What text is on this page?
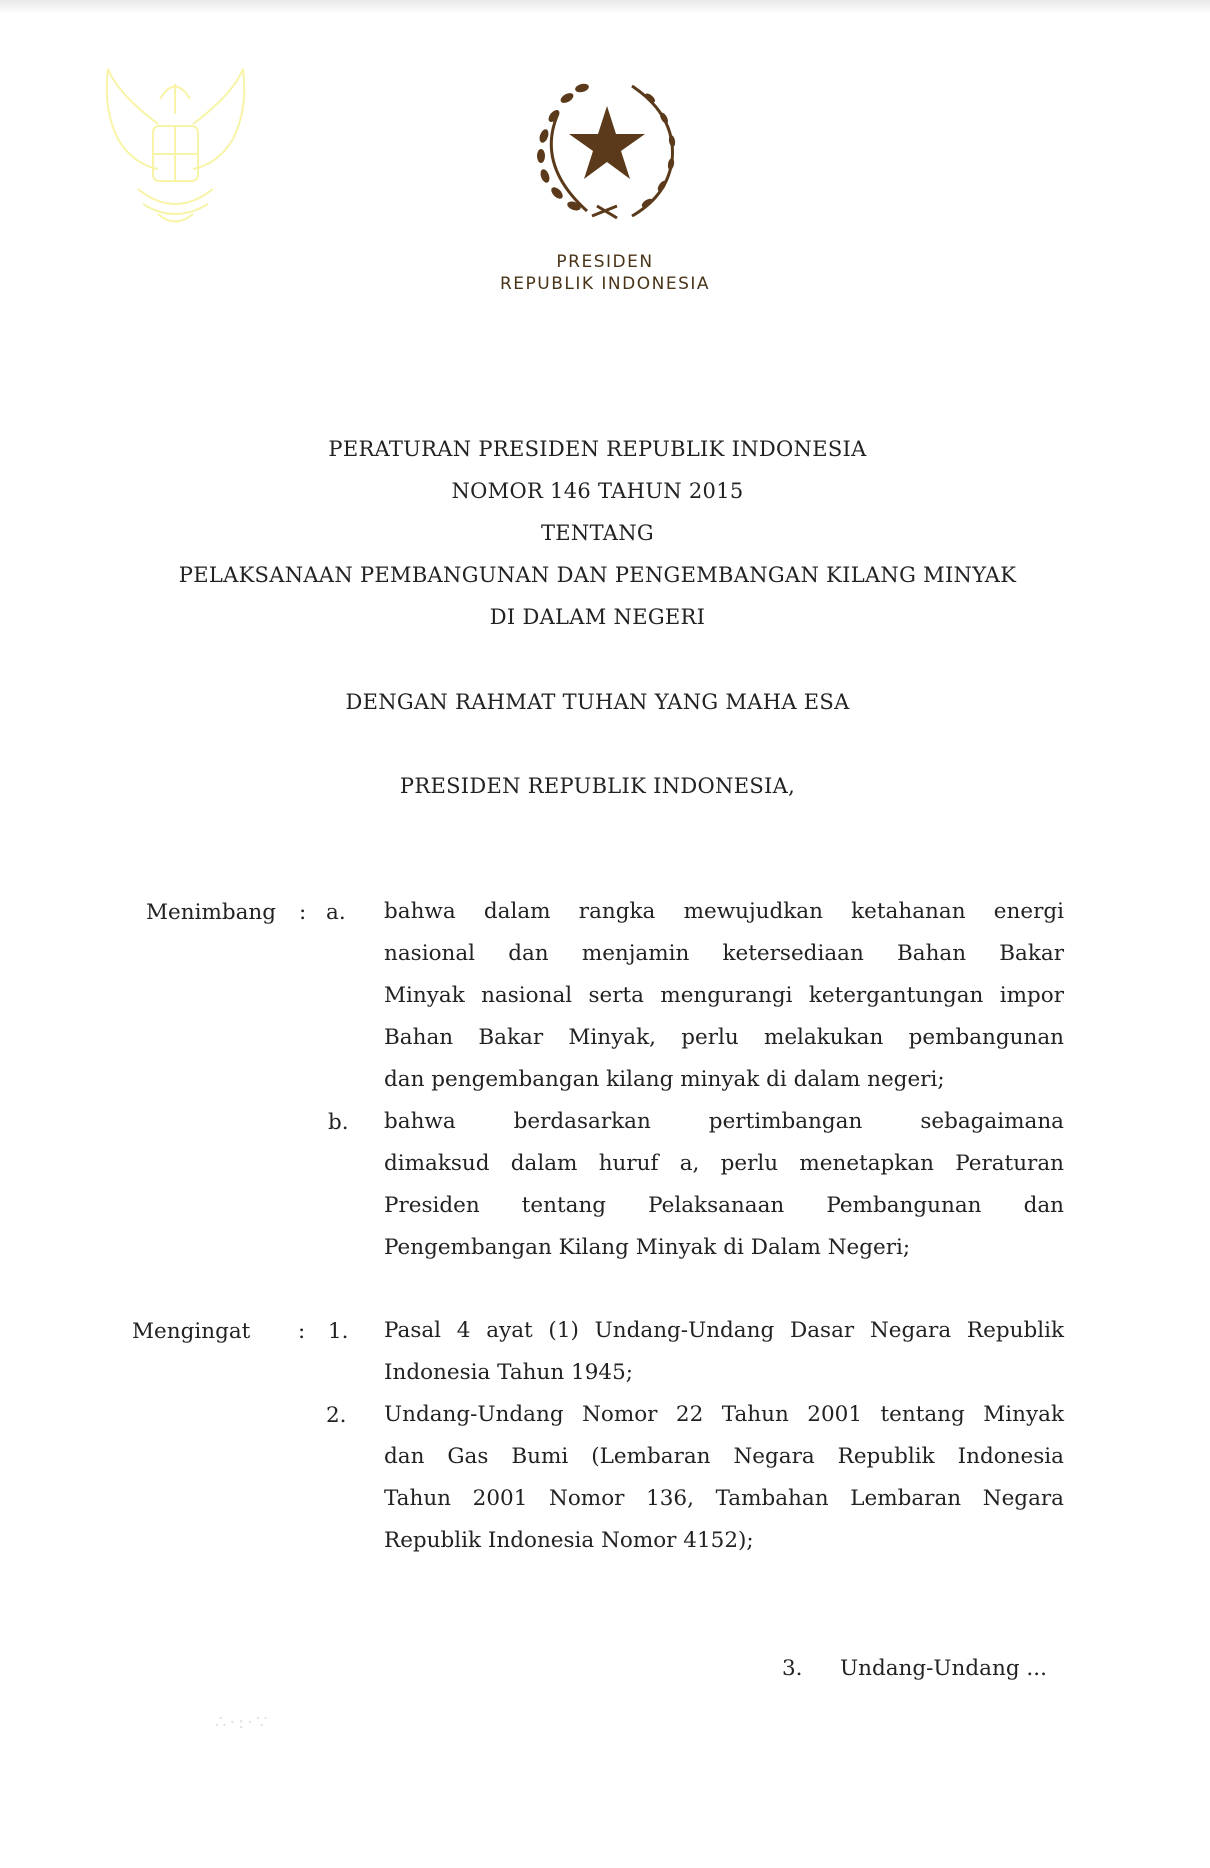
PRESIDEN
REPUBLIK INDONESIA
PERATURAN PRESIDEN REPUBLIK INDONESIA
NOMOR 146 TAHUN 2015
TENTANG
PELAKSANAAN PEMBANGUNAN DAN PENGEMBANGAN KILANG MINYAK
DI DALAM NEGERI
DENGAN RAHMAT TUHAN YANG MAHA ESA
PRESIDEN REPUBLIK INDONESIA,
Menimbang : a. bahwa dalam rangka mewujudkan ketahanan energi
nasional dan menjamin ketersediaan Bahan Bakar
Minyak nasional serta mengurangi ketergantungan impor
Bahan Bakar Minyak, perlu melakukan pembangunan
dan pengembangan kilang minyak di dalam negeri;
b. bahwa berdasarkan pertimbangan sebagaimana
dimaksud dalam huruf a, perlu menetapkan Peraturan
Presiden tentang Pelaksanaan Pembangunan dan
Pengembangan Kilang Minyak di Dalam Negeri;
Mengingat : 1. Pasal 4 ayat (1) Undang-Undang Dasar Negara Republik
Indonesia Tahun 1945;
2. Undang-Undang Nomor 22 Tahun 2001 tentang Minyak
dan Gas Bumi (Lembaran Negara Republik Indonesia
Tahun 2001 Nomor 136, Tambahan Lembaran Negara
Republik Indonesia Nomor 4152);
3. Undang-Undang ...
∴·:·∵
